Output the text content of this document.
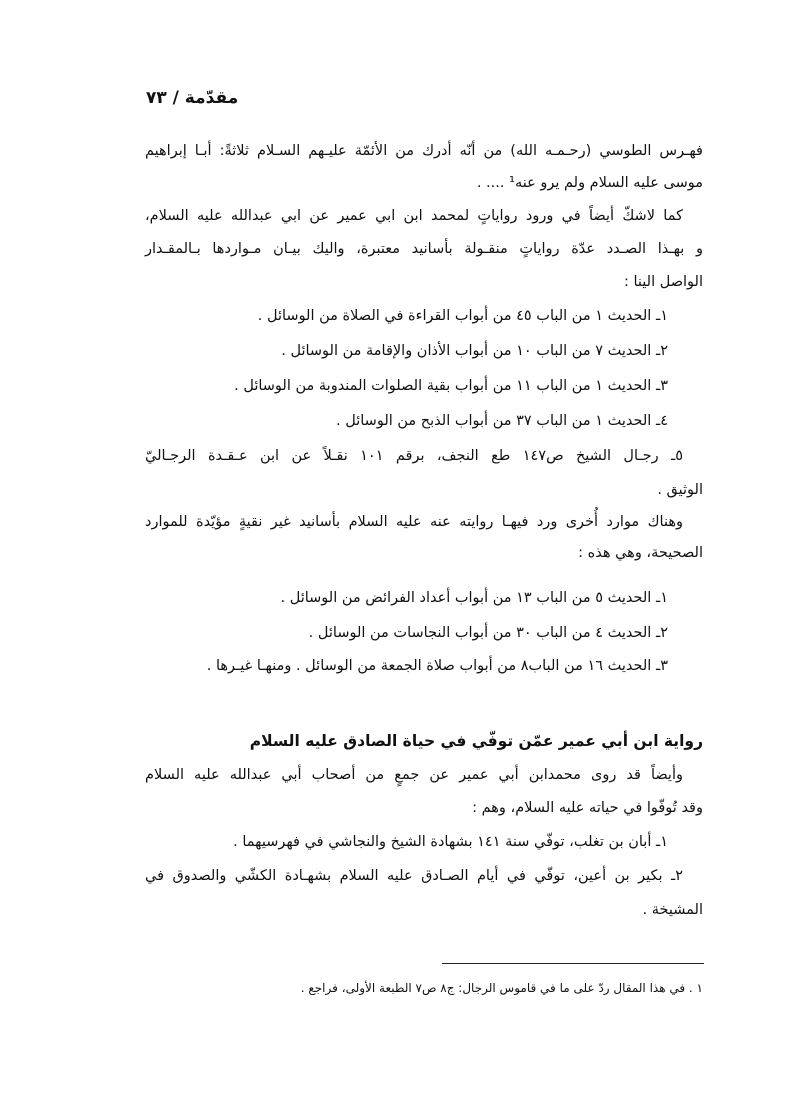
مقدّمة / ٧٣
فهـرس الطوسي (رحـمـه الله) من أنّه أدرك من الأئمّة عليـهم السـلام ثلاثةً: أبـا إبراهيم
موسى عليه السلام ولم يرو عنه¹ .... .
كما لاشكّ أيضاً في ورود رواياتٍ لمحمد ابن ابي عمير عن ابي عبدالله عليه السلام،
و بهـذا الصـدد عدّة رواياتٍ منقـولة بأسانيد معتبرة، واليك بيـان مـواردها بـالمقـدار
الواصل الينا :
١ـ الحديث ١ من الباب ٤٥ من أبواب القراءة في الصلاة من الوسائل .
٢ـ الحديث ٧ من الباب ١٠ من أبواب الأذان والإقامة من الوسائل .
٣ـ الحديث ١ من الباب ١١ من أبواب بقية الصلوات المندوبة من الوسائل .
٤ـ الحديث ١ من الباب ٣٧ من أبواب الذبح من الوسائل .
٥ـ رجـال الشيخ ص١٤٧ طع النجف، برقم ١٠١ نقـلاً عن ابن عـقـدة الرجـاليّ
الوثيق .
وهناك موارد أُخرى ورد فيهـا روايته عنه عليه السلام بأسانيد غير نقيةٍ مؤيّدة للموارد
الصحيحة، وهي هذه :
١ـ الحديث ٥ من الباب ١٣ من أبواب أعداد الفرائض من الوسائل .
٢ـ الحديث ٤ من الباب ٣٠ من أبواب النجاسات من الوسائل .
٣ـ الحديث ١٦ من الباب٨ من أبواب صلاة الجمعة من الوسائل . ومنهـا غيـرها .
رواية ابن أبي عمير عمّن توفّي في حياة الصادق عليه السلام
وأيضاً قد روى محمدابن أبي عمير عن جمعٍ من أصحاب أبي عبدالله عليه السلام
وقد تُوفّوا في حياته عليه السلام، وهم :
١ـ أبان بن تغلب، توفّي سنة ١٤١ بشهادة الشيخ والنجاشي في فهرسيهما .
٢ـ بكير بن أعين، توفّي في أيام الصـادق عليه السلام بشهـادة الكشّي والصدوق في
المشيخة .
١ . في هذا المقال ردّ على ما في قاموس الرجال: ج٨ ص٧ الطبعة الأولى، فراجع .
